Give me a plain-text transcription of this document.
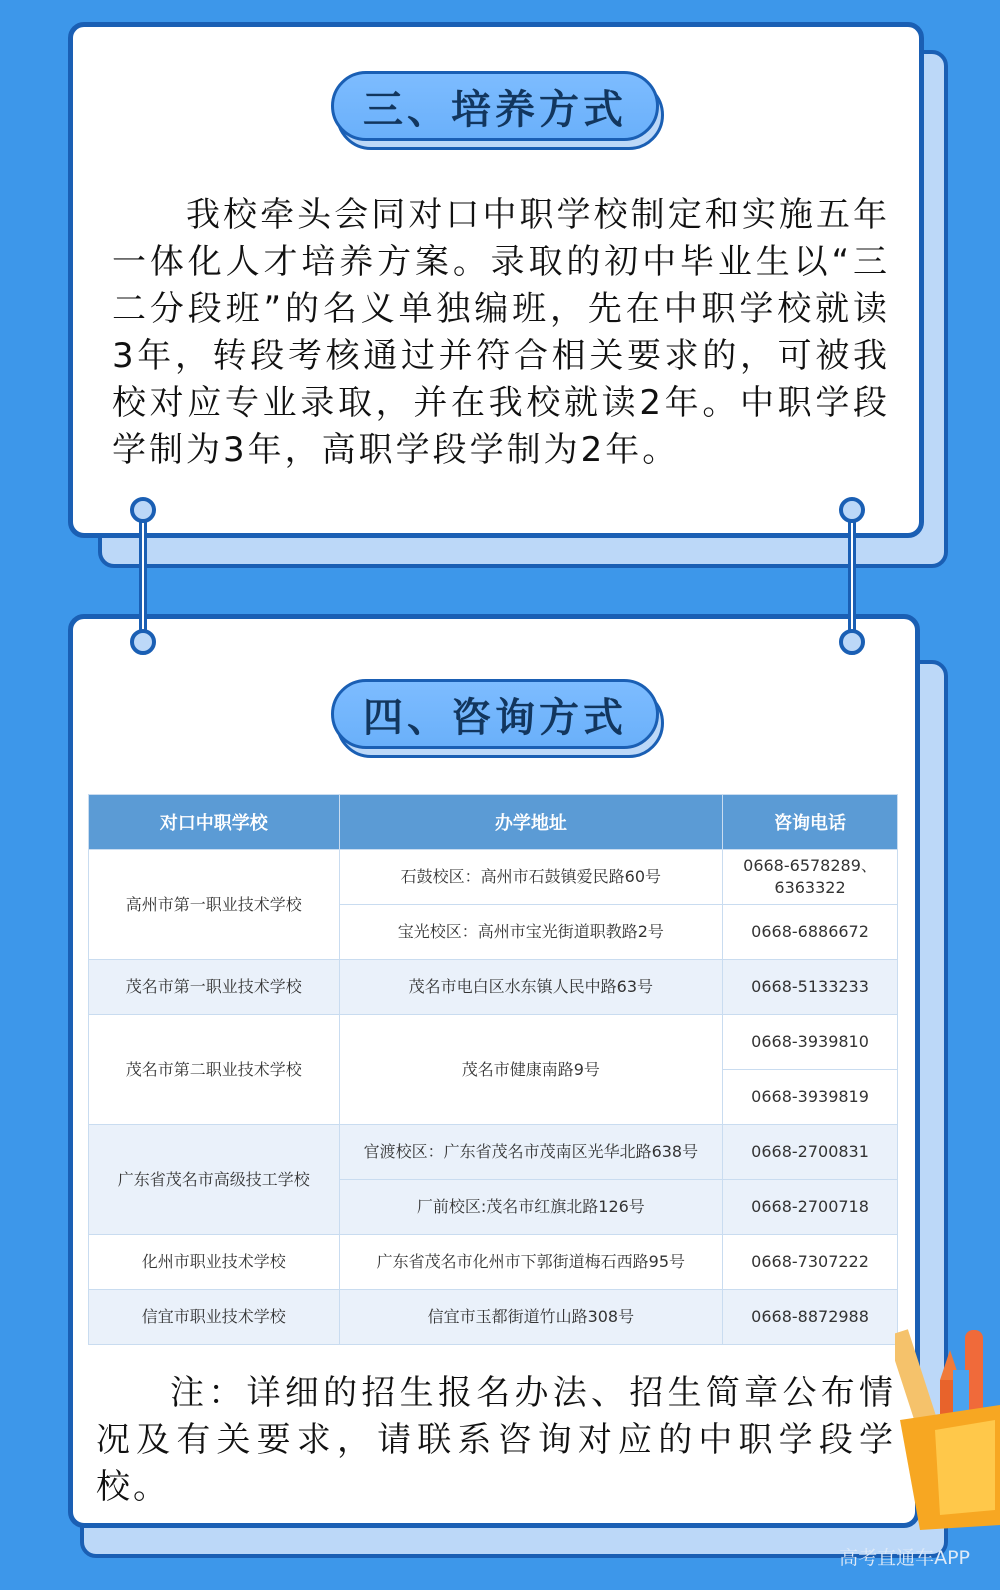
三、培养方式
我校牵头会同对口中职学校制定和实施五年一体化人才培养方案。录取的初中毕业生以“三二分段班”的名义单独编班，先在中职学校就读3年，转段考核通过并符合相关要求的，可被我校对应专业录取，并在我校就读2年。中职学段学制为3年，高职学段学制为2年。
四、咨询方式
对口中职学校	办学地址	咨询电话
高州市第一职业技术学校	石鼓校区：高州市石鼓镇爱民路60号	0668-6578289、6363322
	宝光校区：高州市宝光街道职教路2号	0668-6886672
茂名市第一职业技术学校	茂名市电白区水东镇人民中路63号	0668-5133233
茂名市第二职业技术学校	茂名市健康南路9号	0668-3939810
		0668-3939819
广东省茂名市高级技工学校	官渡校区：广东省茂名市茂南区光华北路638号	0668-2700831
	厂前校区:茂名市红旗北路126号	0668-2700718
化州市职业技术学校	广东省茂名市化州市下郭街道梅石西路95号	0668-7307222
信宜市职业技术学校	信宜市玉都街道竹山路308号	0668-8872988
注：详细的招生报名办法、招生简章公布情况及有关要求，请联系咨询对应的中职学段学校。
高考直通车APP
